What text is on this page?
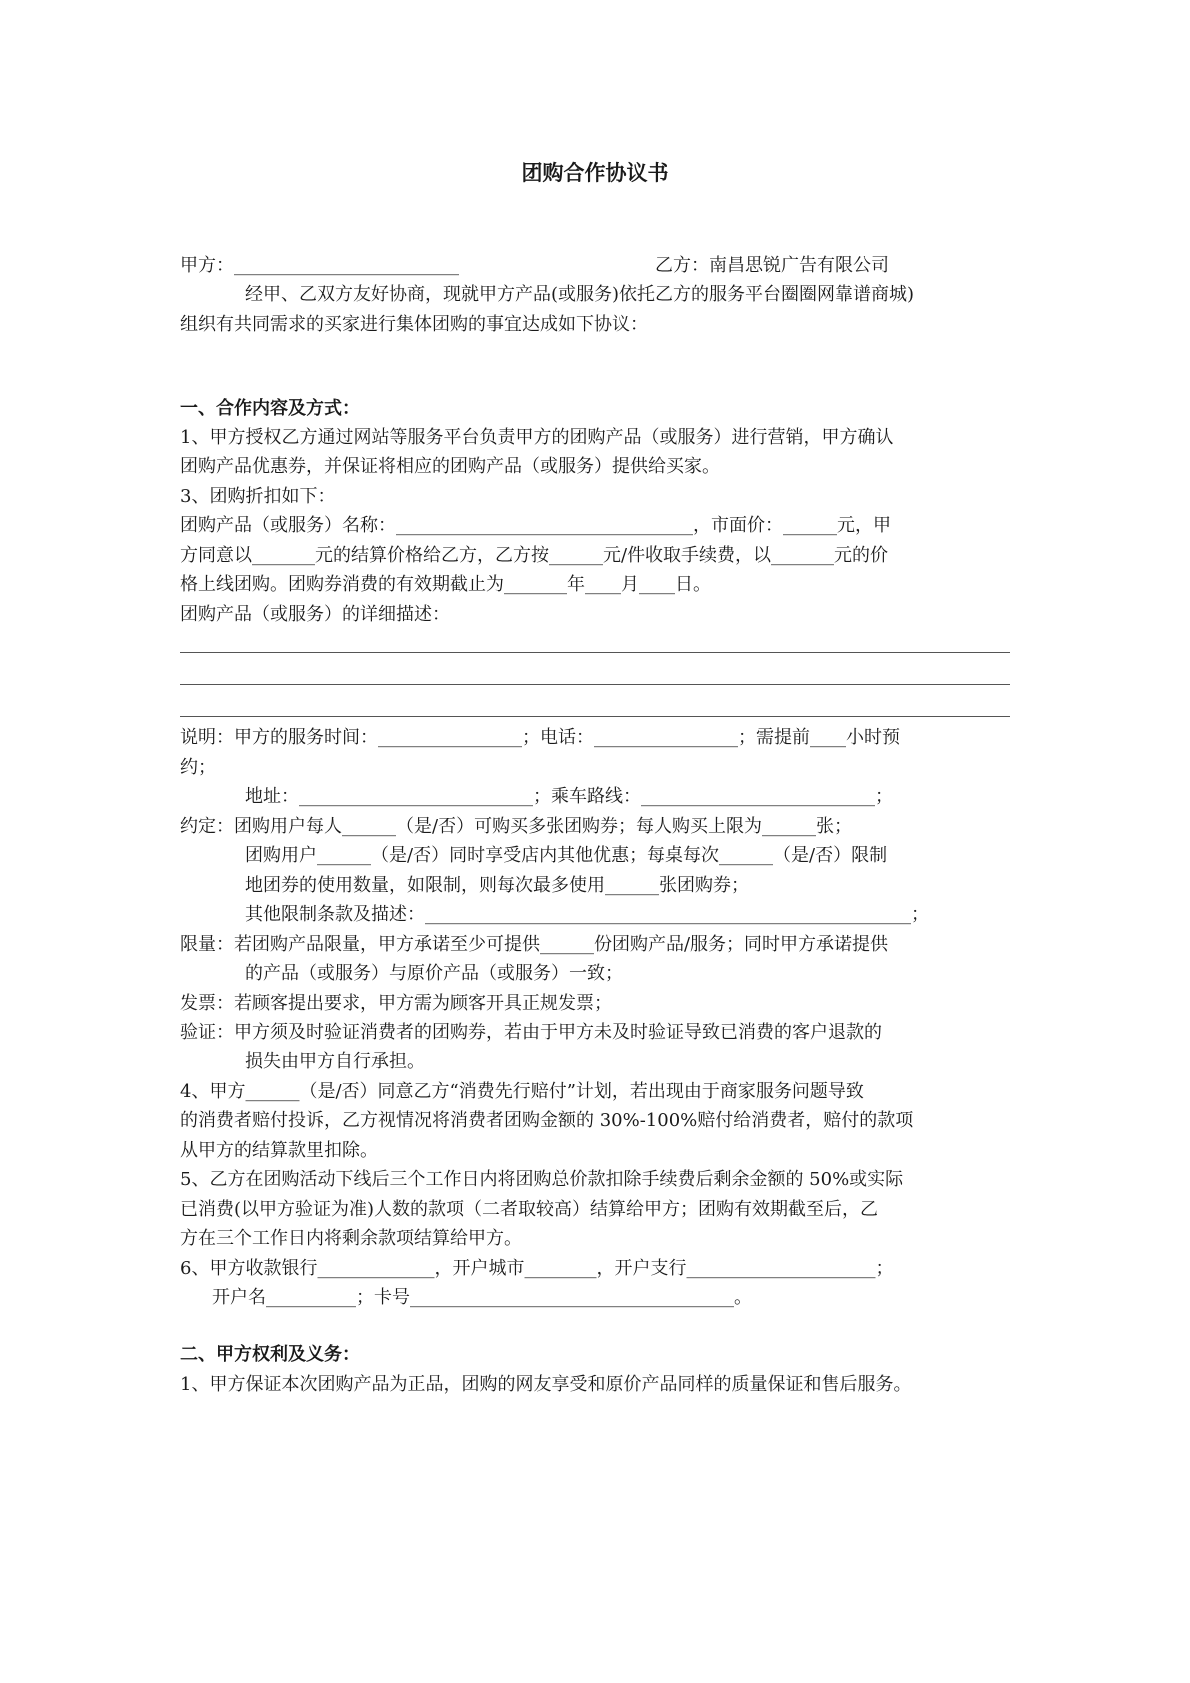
团购合作协议书
甲方：_________________________	乙方：南昌思锐广告有限公司
经甲、乙双方友好协商，现就甲方产品(或服务)依托乙方的服务平台圈圈网靠谱商城)
组织有共同需求的买家进行集体团购的事宜达成如下协议：
一、合作内容及方式：
1、甲方授权乙方通过网站等服务平台负责甲方的团购产品（或服务）进行营销，甲方确认
团购产品优惠券，并保证将相应的团购产品（或服务）提供给买家。
3、团购折扣如下：
团购产品（或服务）名称：_________________________________，市面价：______元，甲
方同意以_______元的结算价格给乙方，乙方按______元/件收取手续费，以_______元的价
格上线团购。团购券消费的有效期截止为_______年____月____日。
团购产品（或服务）的详细描述：
说明：甲方的服务时间：________________；电话：________________；需提前____小时预
约；
地址：__________________________；乘车路线：__________________________；
约定：团购用户每人______（是/否）可购买多张团购券；每人购买上限为______张；
团购用户______（是/否）同时享受店内其他优惠；每桌每次______（是/否）限制
地团券的使用数量，如限制，则每次最多使用______张团购券；
其他限制条款及描述：______________________________________________________；
限量：若团购产品限量，甲方承诺至少可提供______份团购产品/服务；同时甲方承诺提供
的产品（或服务）与原价产品（或服务）一致；
发票：若顾客提出要求，甲方需为顾客开具正规发票；
验证：甲方须及时验证消费者的团购券，若由于甲方未及时验证导致已消费的客户退款的
损失由甲方自行承担。
4、甲方______（是/否）同意乙方“消费先行赔付”计划，若出现由于商家服务问题导致
的消费者赔付投诉，乙方视情况将消费者团购金额的 30%-100%赔付给消费者，赔付的款项
从甲方的结算款里扣除。
5、乙方在团购活动下线后三个工作日内将团购总价款扣除手续费后剩余金额的 50%或实际
已消费(以甲方验证为准)人数的款项（二者取较高）结算给甲方；团购有效期截至后，乙
方在三个工作日内将剩余款项结算给甲方。
6、甲方收款银行_____________，开户城市________，开户支行_____________________；
开户名__________；卡号____________________________________。
二、甲方权利及义务：
1、甲方保证本次团购产品为正品，团购的网友享受和原价产品同样的质量保证和售后服务。
